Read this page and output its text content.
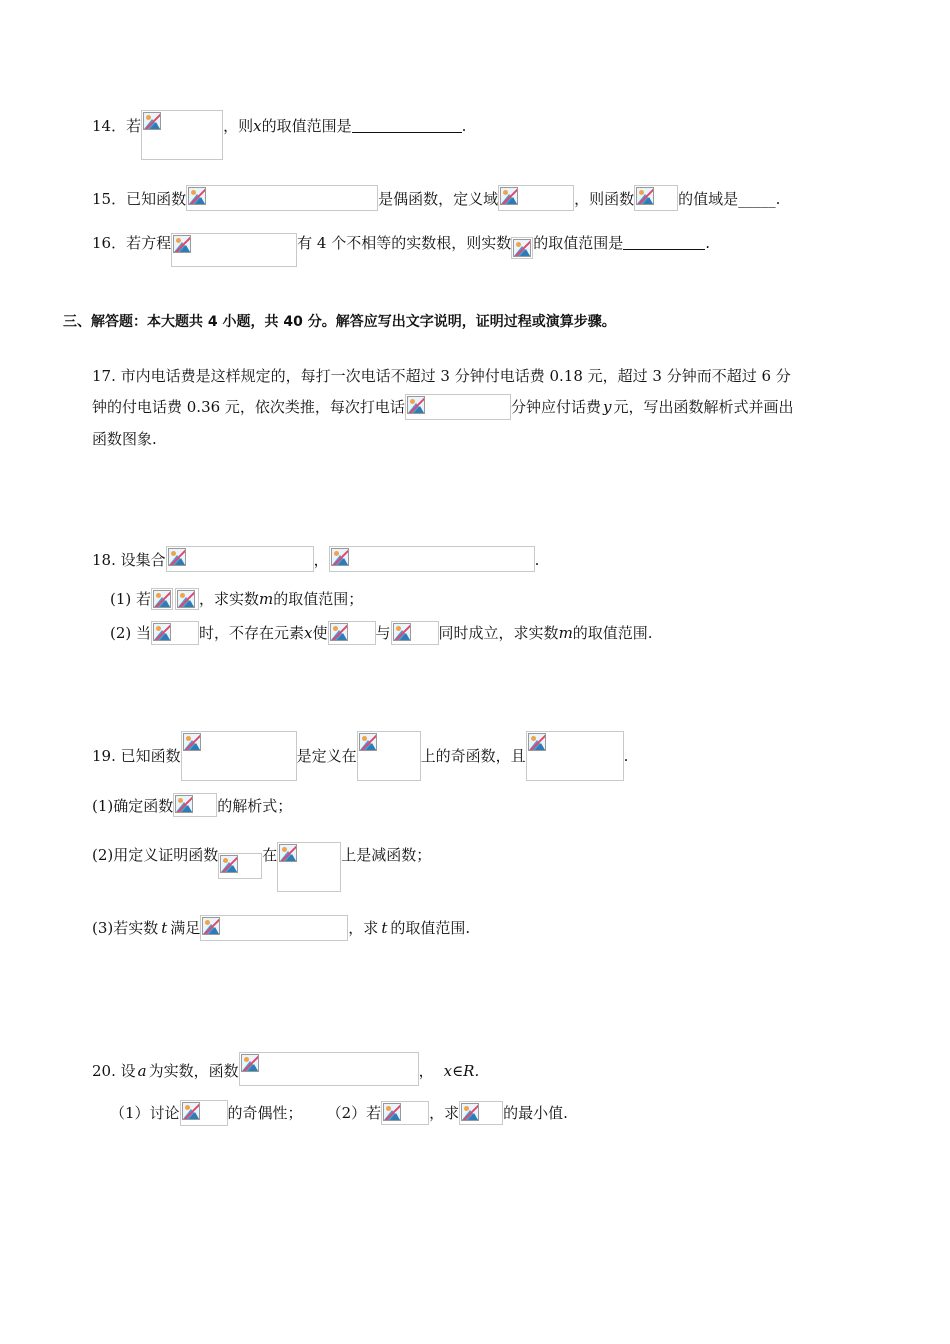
14．若	，则x的取值范围是	.
15．已知函数	是偶函数，定义域	，则函数	的值域是_____.
16．若方程	有 4 个不相等的实数根，则实数 的取值范围是	.
三、解答题：本大题共 4 小题，共 40 分。解答应写出文字说明，证明过程或演算步骤。
17. 市内电话费是这样规定的，每打一次电话不超过 3 分钟付电话费 0.18 元，超过 3 分钟而不超过 6 分
钟的付电话费 0.36 元，依次类推，每次打电话	分钟应付话费 y 元，写出函数解析式并画出
函数图象.
18. 设集合	，	.
(1) 若	，求实数m的取值范围；
(2) 当	时，不存在元素x使	与	同时成立，求实数m的取值范围.
19. 已知函数	是定义在	上的奇函数，且	.
(1)确定函数	的解析式；
(2)用定义证明函数	在	上是减函数；
(3)若实数 t 满足	，求 t 的取值范围.
20. 设 a 为实数，函数	， x∈R.
（1）讨论	的奇偶性； （2）若	，求	的最小值.
